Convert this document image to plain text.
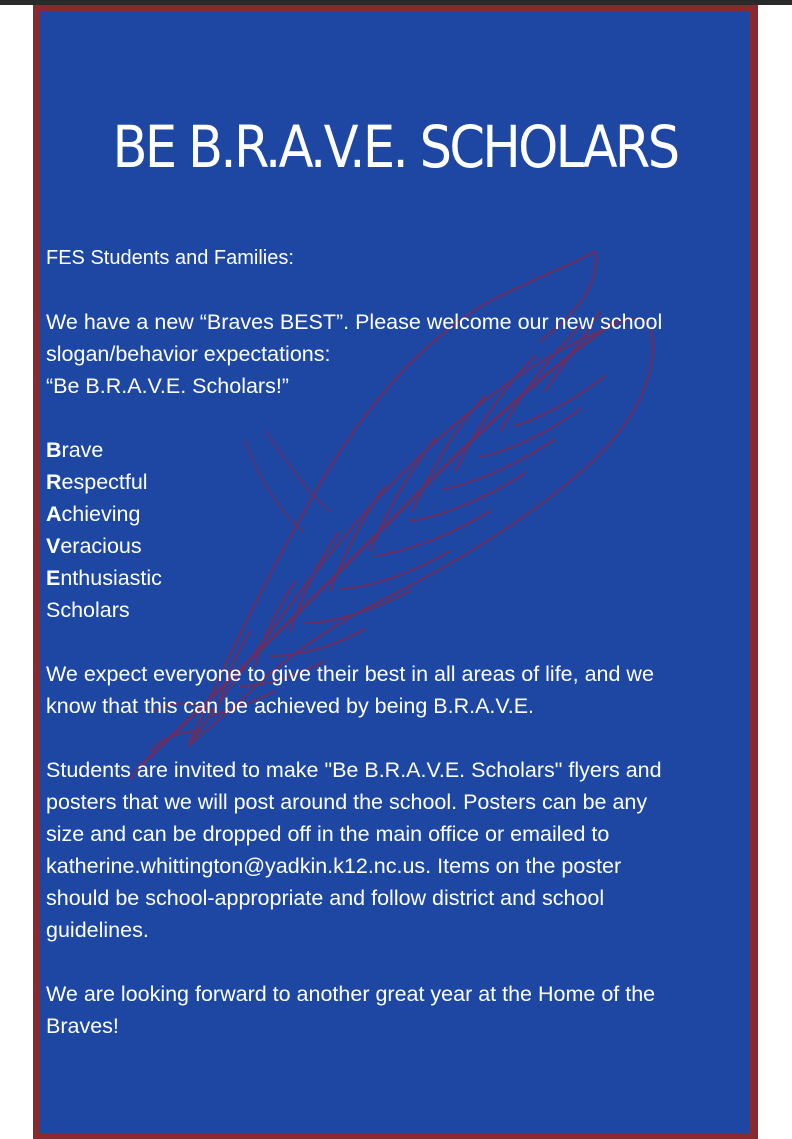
BE B.R.A.V.E. SCHOLARS

FES Students and Families:

We have a new “Braves BEST”. Please welcome our new school

slogan/behavior expectations:

“Be B.R.A.V.E. Scholars!”

Brave

Respectful

Achieving

Veracious

Enthusiastic

Scholars

We expect everyone to give their best in all areas of life, and we

know that this can be achieved by being B.R.A.V.E.

Students are invited to make "Be B.R.A.V.E. Scholars" flyers and

posters that we will post around the school. Posters can be any

size and can be dropped off in the main office or emailed to

katherine.whittington@yadkin.k12.nc.us. Items on the poster

should be school-appropriate and follow district and school

guidelines.

We are looking forward to another great year at the Home of the

Braves!
